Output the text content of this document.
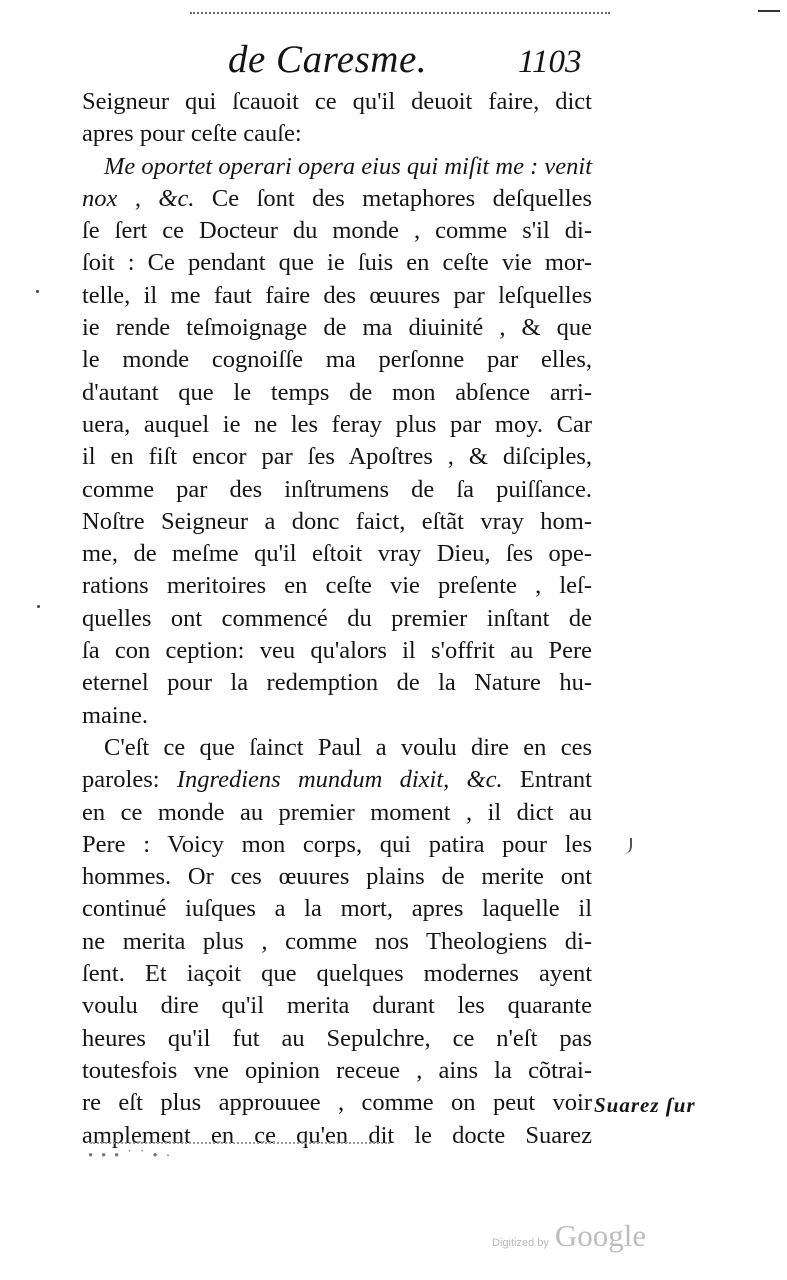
de Caresme.	1103
Seigneur qui ſcauoit ce qu'il deuoit faire, dict
apres pour ceſte cauſe:
Me oportet operari opera eius qui miſit me : venit
nox , &c. Ce ſont des metaphores deſquelles
ſe ſert ce Docteur du monde , comme s'il di-
ſoit : Ce pendant que ie ſuis en ceſte vie mor-
telle, il me faut faire des œuures par leſquelles
ie rende teſmoignage de ma diuinité , & que
le monde cognoiſſe ma perſonne par elles,
d'autant que le temps de mon abſence arri-
uera, auquel ie ne les feray plus par moy. Car
il en fiſt encor par ſes Apoſtres , & diſciples,
comme par des inſtrumens de ſa puiſſance.
Noſtre Seigneur a donc faict, eſtãt vray hom-
me, de meſme qu'il eſtoit vray Dieu, ſes ope-
rations meritoires en ceſte vie preſente , leſ-
quelles ont commencé du premier inſtant de
ſa con ception: veu qu'alors il s'offrit au Pere
eternel pour la redemption de la Nature hu-
maine.
C'eſt ce que ſainct Paul a voulu dire en ces
paroles: Ingrediens mundum dixit, &c. Entrant
en ce monde au premier moment , il dict au
Pere : Voicy mon corps, qui patira pour les
hommes. Or ces œuures plains de merite ont
continué iuſques a la mort, apres laquelle il
ne merita plus , comme nos Theologiens di-
ſent. Et iaçoit que quelques modernes ayent
voulu dire qu'il merita durant les quarante
heures qu'il fut au Sepulchre, ce n'eſt pas
toutesfois vne opinion receue , ains la cõtrai-
re eſt plus approuuee , comme on peut voir
amplement en ce qu'en dit le docte Suarez
Suarez ſur
• • • ˙ ˙ • ·
Digitized by Google
